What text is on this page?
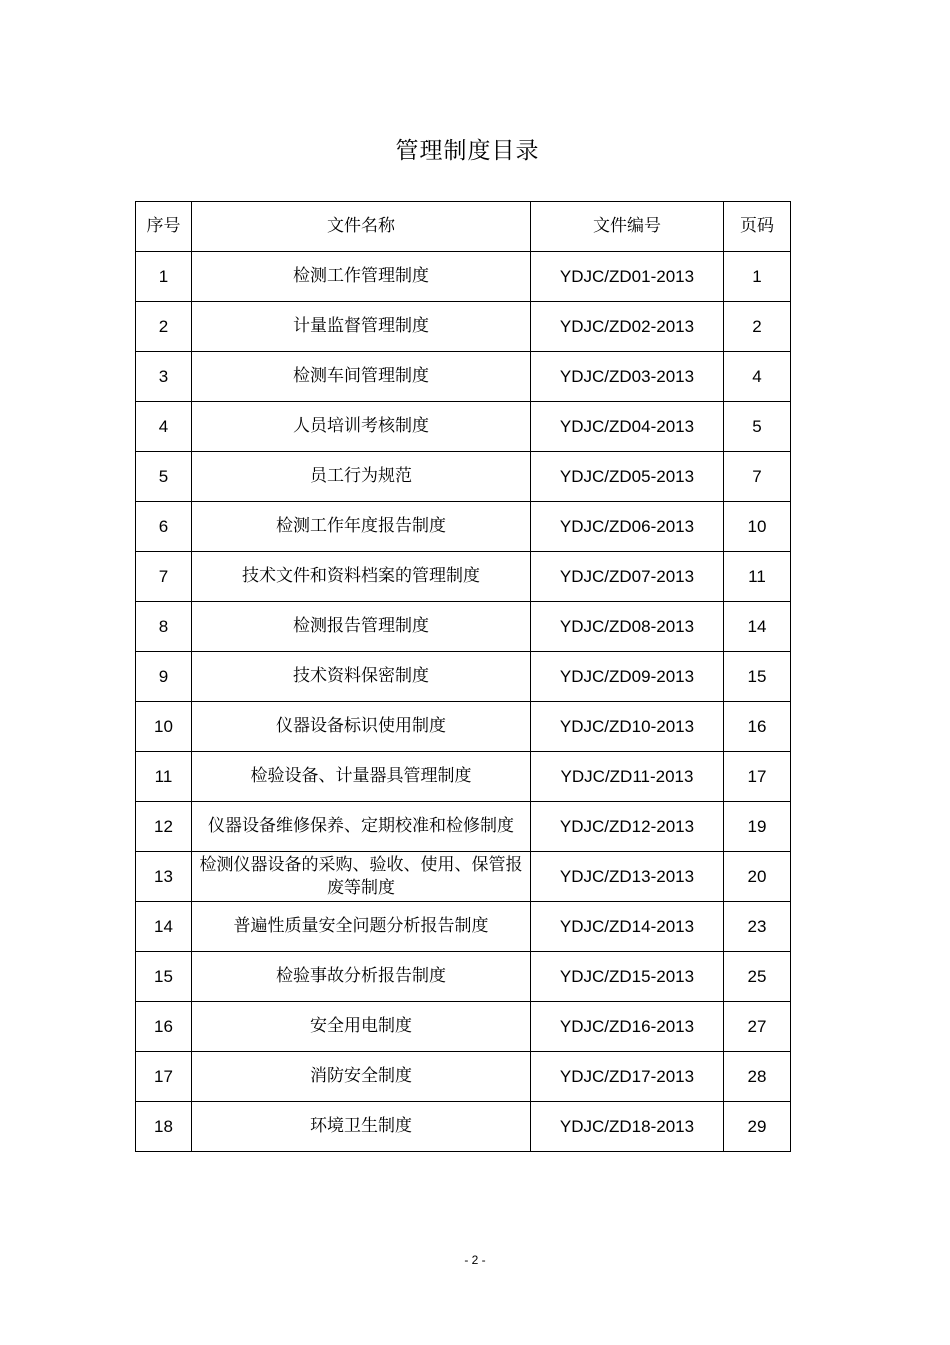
管理制度目录
序号	文件名称	文件编号	页码
1	检测工作管理制度	YDJC/ZD01-2013	1
2	计量监督管理制度	YDJC/ZD02-2013	2
3	检测车间管理制度	YDJC/ZD03-2013	4
4	人员培训考核制度	YDJC/ZD04-2013	5
5	员工行为规范	YDJC/ZD05-2013	7
6	检测工作年度报告制度	YDJC/ZD06-2013	10
7	技术文件和资料档案的管理制度	YDJC/ZD07-2013	11
8	检测报告管理制度	YDJC/ZD08-2013	14
9	技术资料保密制度	YDJC/ZD09-2013	15
10	仪器设备标识使用制度	YDJC/ZD10-2013	16
11	检验设备、计量器具管理制度	YDJC/ZD11-2013	17
12	仪器设备维修保养、定期校准和检修制度	YDJC/ZD12-2013	19
13	检测仪器设备的采购、验收、使用、保管报废等制度	YDJC/ZD13-2013	20
14	普遍性质量安全问题分析报告制度	YDJC/ZD14-2013	23
15	检验事故分析报告制度	YDJC/ZD15-2013	25
16	安全用电制度	YDJC/ZD16-2013	27
17	消防安全制度	YDJC/ZD17-2013	28
18	环境卫生制度	YDJC/ZD18-2013	29
- 2 -
